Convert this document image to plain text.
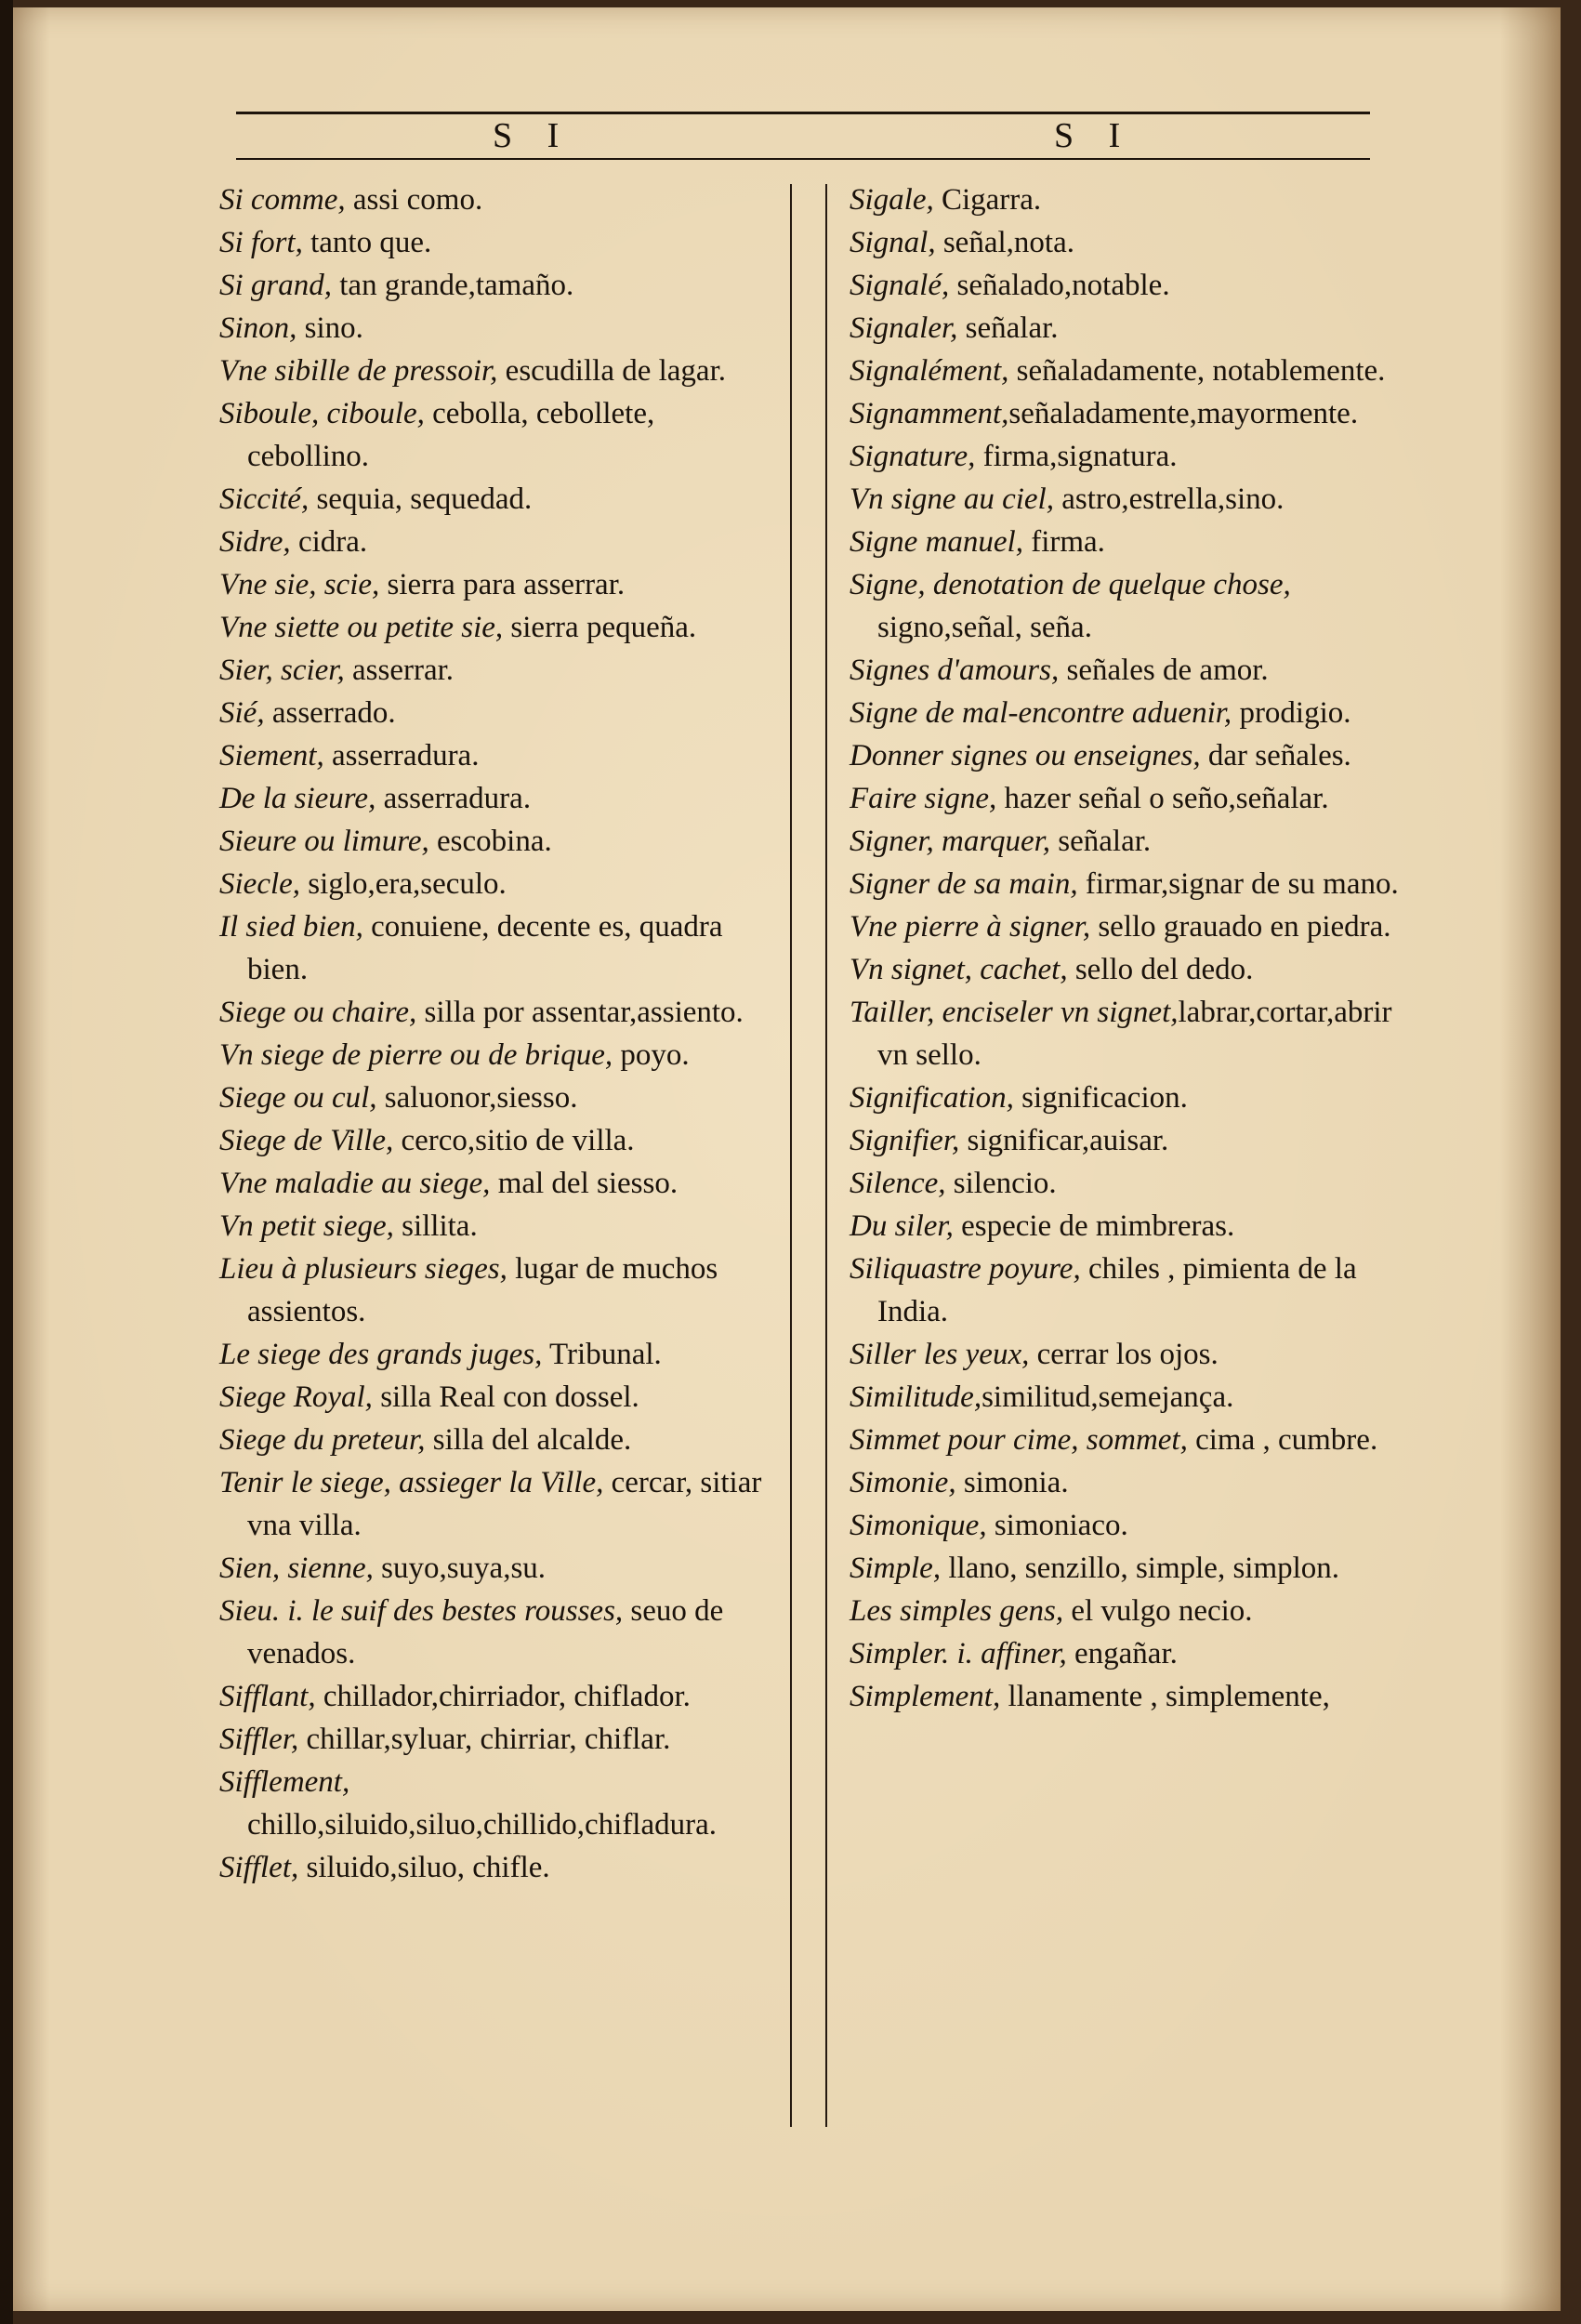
S I	S I

Si comme, assi como.

Si fort, tanto que.

Si grand, tan grande,tamaño.

Sinon, sino.

Vne sibille de pressoir, escudilla de lagar.

Siboule, ciboule, cebolla, cebollete, cebollino.

Siccité, sequia, sequedad.

Sidre, cidra.

Vne sie, scie, sierra para asserrar.

Vne siette ou petite sie, sierra pequeña.

Sier, scier, asserrar.

Sié, asserrado.

Siement, asserradura.

De la sieure, asserradura.

Sieure ou limure, escobina.

Siecle, siglo,era,seculo.

Il sied bien, conuiene, decente es, quadra bien.

Siege ou chaire, silla por assentar,assiento.

Vn siege de pierre ou de brique, poyo.

Siege ou cul, saluonor,siesso.

Siege de Ville, cerco,sitio de villa.

Vne maladie au siege, mal del siesso.

Vn petit siege, sillita.

Lieu à plusieurs sieges, lugar de muchos assientos.

Le siege des grands juges, Tribunal.

Siege Royal, silla Real con dossel.

Siege du preteur, silla del alcalde.

Tenir le siege, assieger la Ville, cercar, sitiar vna villa.

Sien, sienne, suyo,suya,su.

Sieu. i. le suif des bestes rousses, seuo de venados.

Sifflant, chillador,chirriador, chiflador.

Siffler, chillar,syluar, chirriar, chiflar.

Sifflement, chillo,siluido,siluo,chillido,chifladura.

Sifflet, siluido,siluo, chifle.

Sigale, Cigarra.

Signal, señal,nota.

Signalé, señalado,notable.

Signaler, señalar.

Signalément, señaladamente, notablemente.

Signamment,señaladamente,mayormente.

Signature, firma,signatura.

Vn signe au ciel, astro,estrella,sino.

Signe manuel, firma.

Signe, denotation de quelque chose, signo,señal, seña.

Signes d'amours, señales de amor.

Signe de mal-encontre aduenir, prodigio.

Donner signes ou enseignes, dar señales.

Faire signe, hazer señal o seño,señalar.

Signer, marquer, señalar.

Signer de sa main, firmar,signar de su mano.

Vne pierre à signer, sello grauado en piedra.

Vn signet, cachet, sello del dedo.

Tailler, enciseler vn signet,labrar,cortar,abrir vn sello.

Signification, significacion.

Signifier, significar,auisar.

Silence, silencio.

Du siler, especie de mimbreras.

Siliquastre poyure, chiles , pimienta de la India.

Siller les yeux, cerrar los ojos.

Similitude,similitud,semejança.

Simmet pour cime, sommet, cima , cumbre.

Simonie, simonia.

Simonique, simoniaco.

Simple, llano, senzillo, simple, simplon.

Les simples gens, el vulgo necio.

Simpler. i. affiner, engañar.

Simplement, llanamente , simplemente,
